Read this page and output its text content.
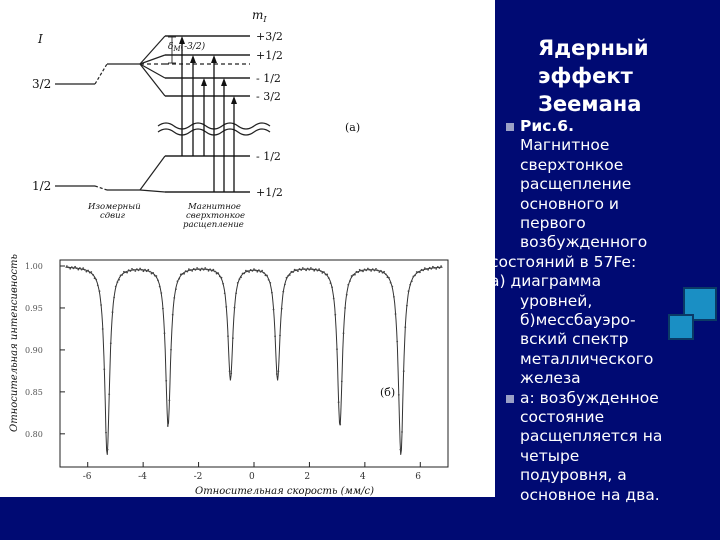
$m_I$
I
3/2
1/2
+3/2
+1/2
- 1/2
- 3/2
- 1/2
+1/2
$\delta_M(-3/2)$
(a)
Изомерный
сдвиг
Магнитное
сверхтонкое
расщепление
1.00
0.95
0.90
0.85
0.80
-6	-4	-2	0	2	4	6
(б)
Относительная скорость (мм/с)
Относительная интенсивность
Ядерный
эффект
Зеемана
Рис.6.
Магнитное
сверхтонкое
расщепление
основного и
первого
возбужденного
состояний в 57Fe:
а) диаграмма
уровней,
б)мессбауэро-
вский спектр
металлического
железа
а: возбужденное
состояние
расщепляется на
четыре
подуровня, а
основное на два.
